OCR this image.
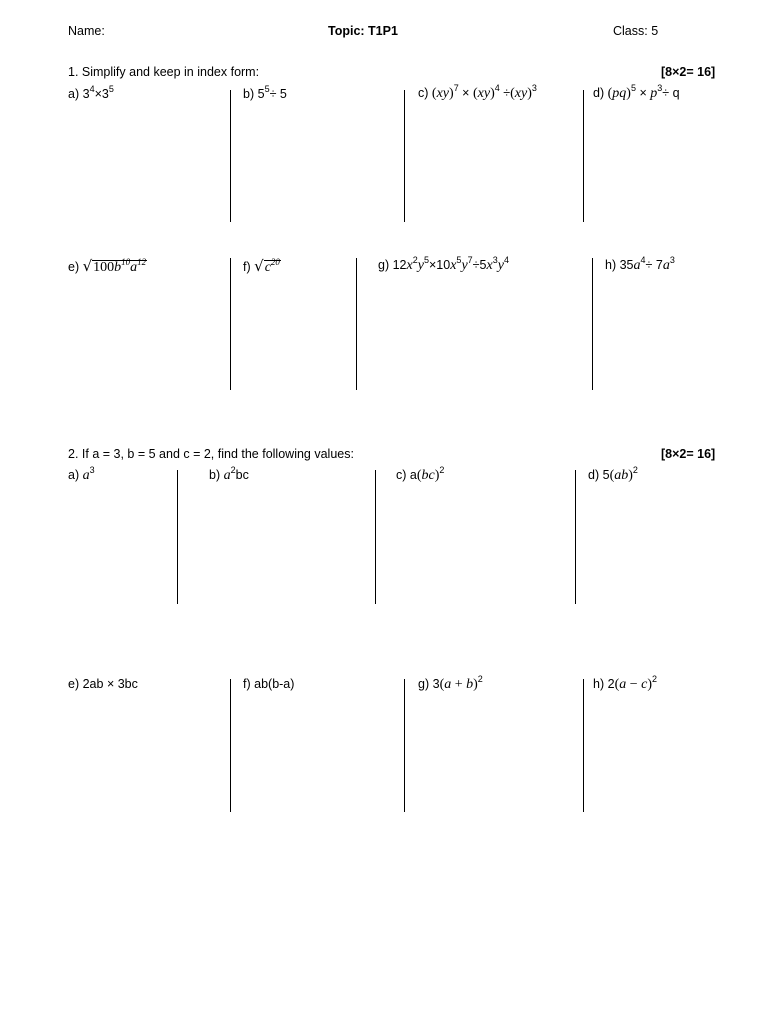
Name:	Topic: T1P1	Class: 5
1. Simplify and keep in index form:	[8×2= 16]
a) $3^4\times 3^5$	b) $5^5\div 5$	c) (xy)$^7$ × (xy)$^4$ ÷(xy)$^3$	d) $(pq)^5 \times p^3\div q$
e) $√100b^{10}a^{12}$	f) $√c^{20}$	g) $12x^2y^5\times 10x^5y^7\div 5x^3y^4$	h) $35a^4\div 7a^3$
2. If a = 3, b = 5 and c = 2, find the following values:	[8×2= 16]
a) $a^3$	b) $a^2bc$	c) a(bc)$^2$	d) 5(ab)$^2$
e) 2ab × 3bc	f) ab(b-a)	g) $3(a + b)^2$	h) $2(a - c)^2$
